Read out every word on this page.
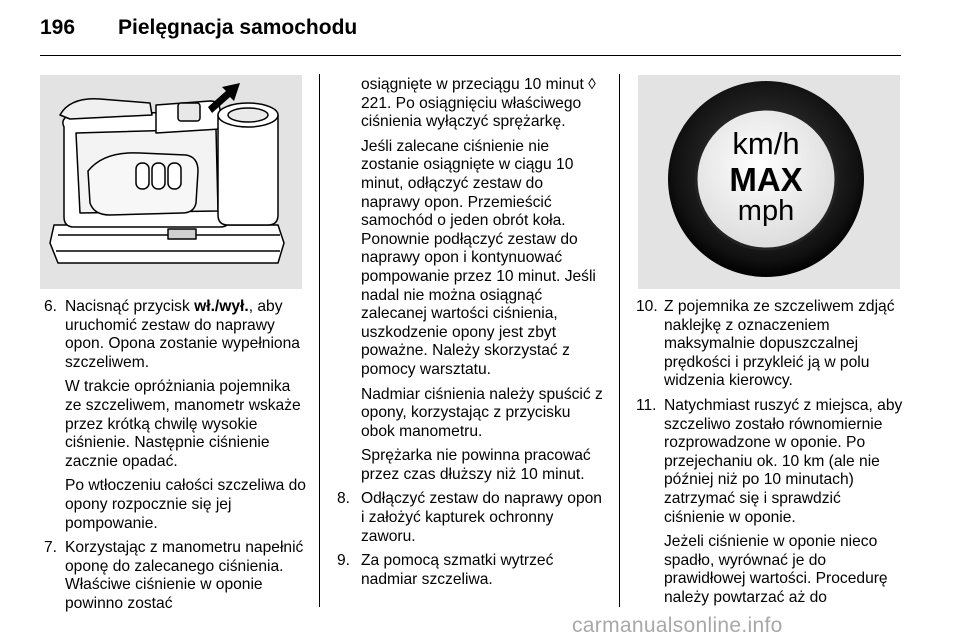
196 Pielęgnacja samochodu
km/h
MAX
mph
6. Nacisnąć przycisk wł./wył., aby uruchomić zestaw do naprawy opon. Opona zostanie wypełniona szczeliwem.

W trakcie opróżniania pojemnika ze szczeliwem, manometr wskaże przez krótką chwilę wysokie ciśnienie. Następnie ciśnienie zacznie opadać.

Po wtłoczeniu całości szczeliwa do opony rozpocznie się jej pompowanie.

7. Korzystając z manometru napełnić oponę do zalecanego ciśnienia. Właściwe ciśnienie w oponie powinno zostać

osiągnięte w przeciągu 10 minut ◊ 221. Po osiągnięciu właściwego ciśnienia wyłączyć sprężarkę.

Jeśli zalecane ciśnienie nie zostanie osiągnięte w ciągu 10 minut, odłączyć zestaw do naprawy opon. Przemieścić samochód o jeden obrót koła. Ponownie podłączyć zestaw do naprawy opon i kontynuować pompowanie przez 10 minut. Jeśli nadal nie można osiągnąć zalecanej wartości ciśnienia, uszkodzenie opony jest zbyt poważne. Należy skorzystać z pomocy warsztatu.

Nadmiar ciśnienia należy spuścić z opony, korzystając z przycisku obok manometru.

Sprężarka nie powinna pracować przez czas dłuższy niż 10 minut.

8. Odłączyć zestaw do naprawy opon i założyć kapturek ochronny zaworu.

9. Za pomocą szmatki wytrzeć nadmiar szczeliwa.

10. Z pojemnika ze szczeliwem zdjąć naklejkę z oznaczeniem maksymalnie dopuszczalnej prędkości i przykleić ją w polu widzenia kierowcy.

11. Natychmiast ruszyć z miejsca, aby szczeliwo zostało równomiernie rozprowadzone w oponie. Po przejechaniu ok. 10 km (ale nie później niż po 10 minutach) zatrzymać się i sprawdzić ciśnienie w oponie.

Jeżeli ciśnienie w oponie nieco spadło, wyrównać je do prawidłowej wartości. Procedurę należy powtarzać aż do

carmanualsonline.info
